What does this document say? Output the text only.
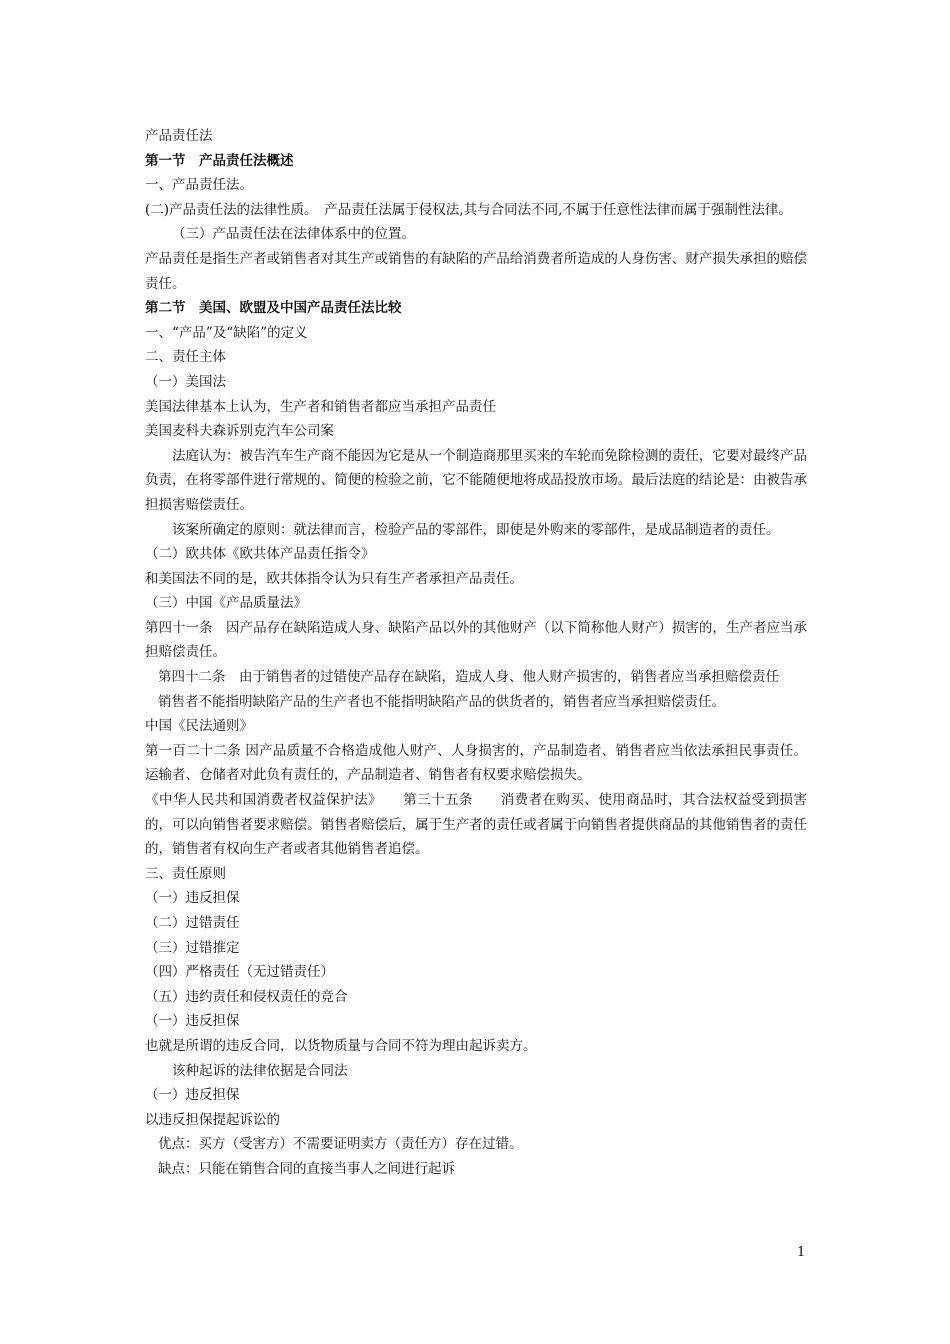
产品责任法

第一节　产品责任法概述

一、产品责任法。

(二)产品责任法的法律性质。　产品责任法属于侵权法,其与合同法不同,不属于任意性法律而属于强制性法律。

（三）产品责任法在法律体系中的位置。

产品责任是指生产者或销售者对其生产或销售的有缺陷的产品给消费者所造成的人身伤害、财产损失承担的赔偿责任。

第二节　美国、欧盟及中国产品责任法比较

一、“产品”及“缺陷”的定义

二、责任主体

（一）美国法

美国法律基本上认为，生产者和销售者都应当承担产品责任

美国麦科夫森诉别克汽车公司案

法庭认为：被告汽车生产商不能因为它是从一个制造商那里买来的车轮而免除检测的责任，它要对最终产品负责，在将零部件进行常规的、简便的检验之前，它不能随便地将成品投放市场。最后法庭的结论是：由被告承担损害赔偿责任。

该案所确定的原则：就法律而言，检验产品的零部件，即使是外购来的零部件，是成品制造者的责任。

（二）欧共体《欧共体产品责任指令》

和美国法不同的是，欧共体指令认为只有生产者承担产品责任。

（三）中国《产品质量法》

第四十一条　因产品存在缺陷造成人身、缺陷产品以外的其他财产（以下简称他人财产）损害的，生产者应当承担赔偿责任。

第四十二条　由于销售者的过错使产品存在缺陷，造成人身、他人财产损害的，销售者应当承担赔偿责任

销售者不能指明缺陷产品的生产者也不能指明缺陷产品的供货者的，销售者应当承担赔偿责任。

中国《民法通则》

第一百二十二条 因产品质量不合格造成他人财产、人身损害的，产品制造者、销售者应当依法承担民事责任。运输者、仓储者对此负有责任的，产品制造者、销售者有权要求赔偿损失。

《中华人民共和国消费者权益保护法》　　第三十五条　　消费者在购买、使用商品时，其合法权益受到损害的，可以向销售者要求赔偿。销售者赔偿后，属于生产者的责任或者属于向销售者提供商品的其他销售者的责任的，销售者有权向生产者或者其他销售者追偿。

三、责任原则

（一）违反担保

（二）过错责任

（三）过错推定

（四）严格责任（无过错责任）

（五）违约责任和侵权责任的竞合

（一）违反担保

也就是所谓的违反合同，以货物质量与合同不符为理由起诉卖方。

该种起诉的法律依据是合同法

（一）违反担保

以违反担保提起诉讼的

优点：买方（受害方）不需要证明卖方（责任方）存在过错。

缺点：只能在销售合同的直接当事人之间进行起诉

1
